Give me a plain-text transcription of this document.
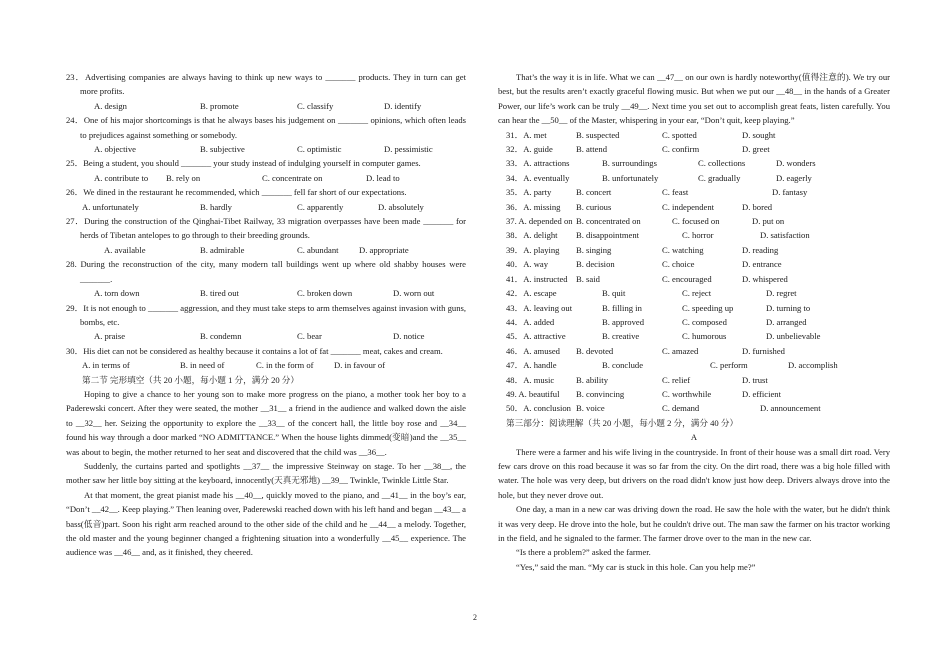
23．Advertising companies are always having to think up new ways to _______ products. They in turn can get more profits.
A. design	B. promote	C. classify	D. identify
24．One of his major shortcomings is that he always bases his judgement on _______ opinions, which often leads to prejudices against something or somebody.
A. objective	B. subjective	C. optimistic	D. pessimistic
25．Being a student, you should _______ your study instead of indulging yourself in computer games.
A. contribute to	B. rely on	C. concentrate on	D. lead to
26．We dined in the restaurant he recommended, which _______ fell far short of our expectations.
A. unfortunately	B. hardly	C. apparently	D. absolutely
27．During the construction of the Qinghai-Tibet Railway, 33 migration overpasses have been made _______ for herds of Tibetan antelopes to go through to their breeding grounds.
A. available	B. admirable	C. abundant	D. appropriate
28. During the reconstruction of the city, many modern tall buildings went up where old shabby houses were _______.
A. torn down	B. tired out	C. broken down	D. worn out
29．It is not enough to _______ aggression, and they must take steps to arm themselves against invasion with guns, bombs, etc.
A. praise	B. condemn	C. bear	D. notice
30．His diet can not be considered as healthy because it contains a lot of fat _______ meat, cakes and cream.
A. in terms of	B. in need of	C. in the form of	D. in favour of
第二节 完形填空（共 20 小题，每小题 1 分，满分 20 分）
Hoping to give a chance to her young son to make more progress on the piano, a mother took her boy to a Paderewski concert. After they were seated, the mother __31__ a friend in the audience and walked down the aisle to __32__ her. Seizing the opportunity to explore the __33__ of the concert hall, the little boy rose and __34__ found his way through a door marked “NO ADMITTANCE.” When the house lights dimmed(变暗)and the __35__ was about to begin, the mother returned to her seat and discovered that the child was __36__.
Suddenly, the curtains parted and spotlights __37__ the impressive Steinway on stage. To her __38__, the mother saw her little boy sitting at the keyboard, innocently(天真无邪地) __39__ Twinkle, Twinkle Little Star.
At that moment, the great pianist made his __40__, quickly moved to the piano, and __41__ in the boy’s ear, “Don’t __42__. Keep playing.” Then leaning over, Paderewski reached down with his left hand and began __43__ a bass(低音)part. Soon his right arm reached around to the other side of the child and he __44__ a melody. Together, the old master and the young beginner changed a frightening situation into a wonderfully __45__ experience. The audience was __46__ and, as it finished, they cheered.
That’s the way it is in life. What we can __47__ on our own is hardly noteworthy(值得注意的). We try our best, but the results aren’t exactly graceful flowing music. But when we put our __48__ in the hands of a Greater Power, our life’s work can be truly __49__. Next time you set out to accomplish great feats, listen carefully. You can hear the __50__ of the Master, whispering in your ear, “Don’t quit, keep playing.”
31．A. met	B. suspected	C. spotted	D. sought
32．A. guide	B. attend	C. confirm	D. greet
33．A. attractions	B. surroundings	C. collections	D. wonders
34．A. eventually	B. unfortunately	C. gradually	D. eagerly
35．A. party	B. concert	C. feast	D. fantasy
36．A. missing	B. curious	C. independent	D. bored
37. A. depended on B. concentrated on	C. focused on	D. put on
38．A. delight	B. disappointment	C. horror	D. satisfaction
39．A. playing	B. singing	C. watching	D. reading
40．A. way	B. decision	C. choice	D. entrance
41．A. instructed B. said	C. encouraged	D. whispered
42．A. escape	B. quit	C. reject	D. regret
43．A. leaving out	B. filling in	C. speeding up	D. turning to
44．A. added	B. approved	C. composed	D. arranged
45．A. attractive	B. creative	C. humorous	D. unbelievable
46．A. amused	B. devoted	C. amazed	D. furnished
47．A. handle	B. conclude	C. perform	D. accomplish
48．A. music	B. ability	C. relief	D. trust
49. A. beautiful	B. convincing	C. worthwhile	D. efficient
50．A. conclusion B. voice	C. demand	D. announcement
第三部分：阅读理解（共 20 小题，每小题 2 分，满分 40 分）
A
There were a farmer and his wife living in the countryside. In front of their house was a small dirt road. Very few cars drove on this road because it was so far from the city. On the dirt road, there was a big hole filled with water. The hole was very deep, but drivers on the road didn't know just how deep. Drivers always drove into the hole, but they never drove out.
One day, a man in a new car was driving down the road. He saw the hole with the water, but he didn't think it was very deep. He drove into the hole, but he couldn't drive out. The man saw the farmer on his tractor working in the field, and he signaled to the farmer. The farmer drove over to the man in the new car.
“Is there a problem?” asked the farmer.
“Yes,” said the man. “My car is stuck in this hole. Can you help me?”
2
